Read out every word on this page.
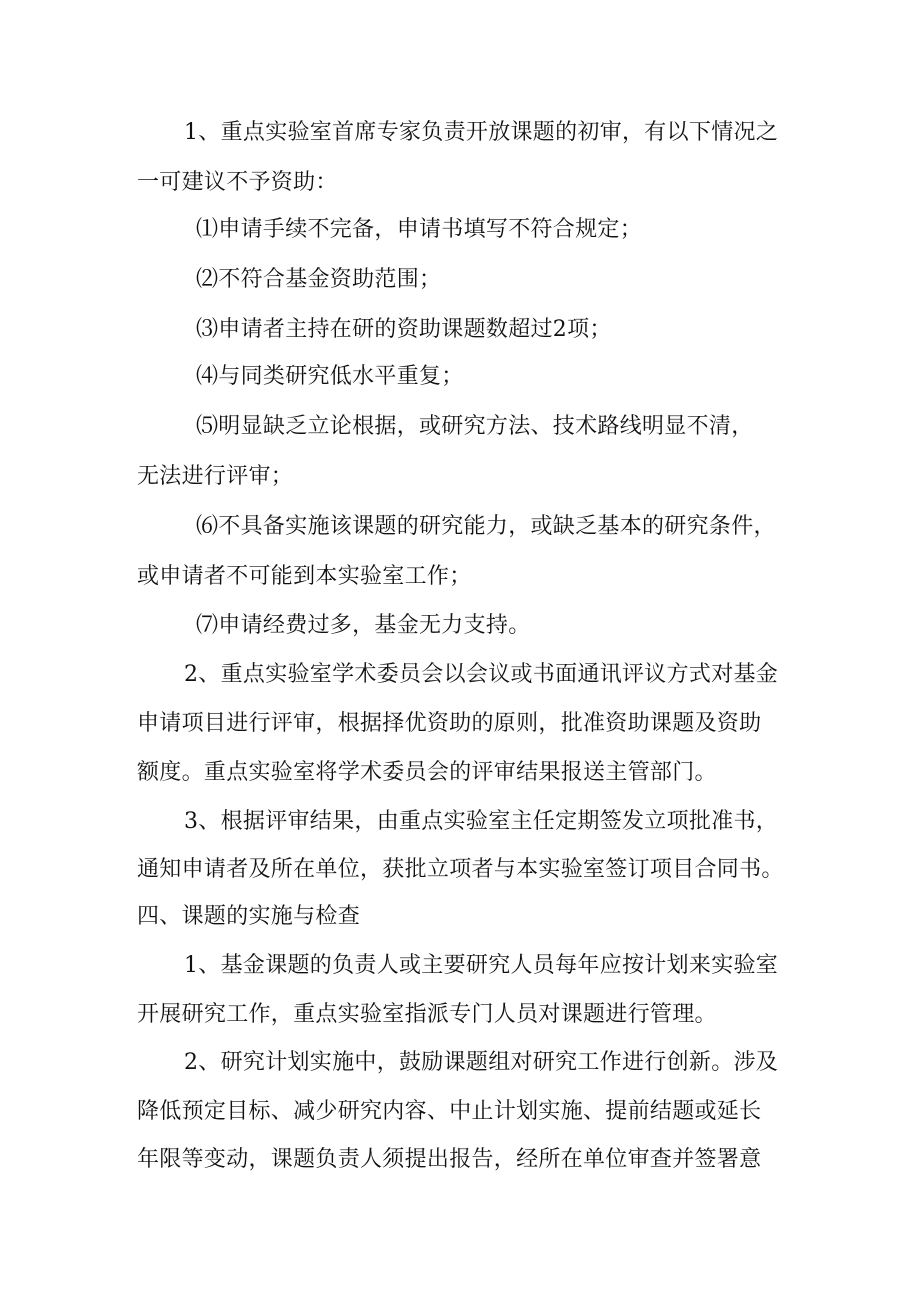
1、重点实验室首席专家负责开放课题的初审，有以下情况之
一可建议不予资助：
⑴申请手续不完备，申请书填写不符合规定；
⑵不符合基金资助范围；
⑶申请者主持在研的资助课题数超过2项；
⑷与同类研究低水平重复；
⑸明显缺乏立论根据，或研究方法、技术路线明显不清，
无法进行评审；
⑹不具备实施该课题的研究能力，或缺乏基本的研究条件，
或申请者不可能到本实验室工作；
⑺申请经费过多，基金无力支持。
2、重点实验室学术委员会以会议或书面通讯评议方式对基金
申请项目进行评审，根据择优资助的原则，批准资助课题及资助
额度。重点实验室将学术委员会的评审结果报送主管部门。
3、根据评审结果，由重点实验室主任定期签发立项批准书，
通知申请者及所在单位，获批立项者与本实验室签订项目合同书。
四、课题的实施与检查
1、基金课题的负责人或主要研究人员每年应按计划来实验室
开展研究工作，重点实验室指派专门人员对课题进行管理。
2、研究计划实施中，鼓励课题组对研究工作进行创新。涉及
降低预定目标、减少研究内容、中止计划实施、提前结题或延长
年限等变动，课题负责人须提出报告，经所在单位审查并签署意
